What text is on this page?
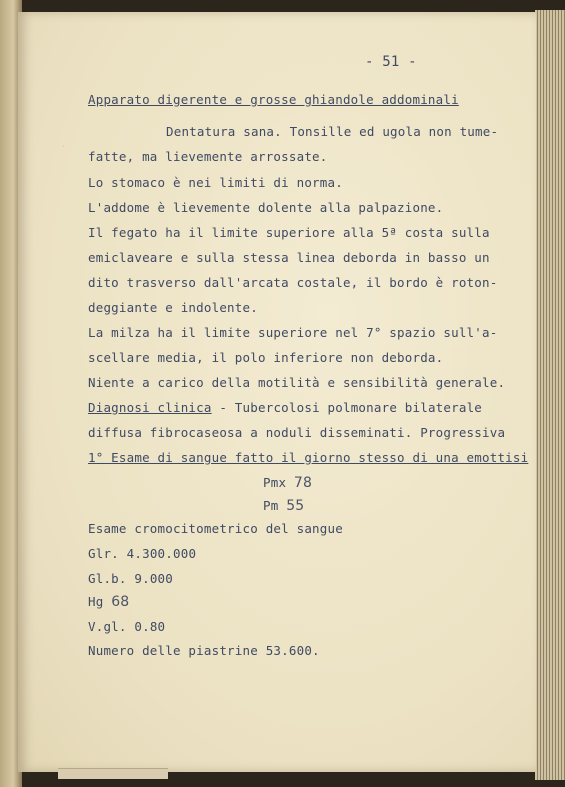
·
- 51 -
Apparato digerente e grosse ghiandole addominali
Dentatura sana. Tonsille ed ugola non tume-
fatte, ma lievemente arrossate.
Lo stomaco è nei limiti di norma.
L'addome è lievemente dolente alla palpazione.
Il fegato ha il limite superiore alla 5ª costa sulla
emiclaveare e sulla stessa linea deborda in basso un
dito trasverso dall'arcata costale, il bordo è roton-
deggiante e indolente.
La milza ha il limite superiore nel 7° spazio sull'a-
scellare media, il polo inferiore non deborda.
Niente a carico della motilità e sensibilità generale.
Diagnosi clinica - Tubercolosi polmonare bilaterale
diffusa fibrocaseosa a noduli disseminati. Progressiva
1° Esame di sangue fatto il giorno stesso di una emottisi
Pmx 78
Pm 55
Esame cromocitometrico del sangue
Glr. 4.300.000
Gl.b. 9.000
Hg 68
V.gl. 0.80
Numero delle piastrine 53.600.
